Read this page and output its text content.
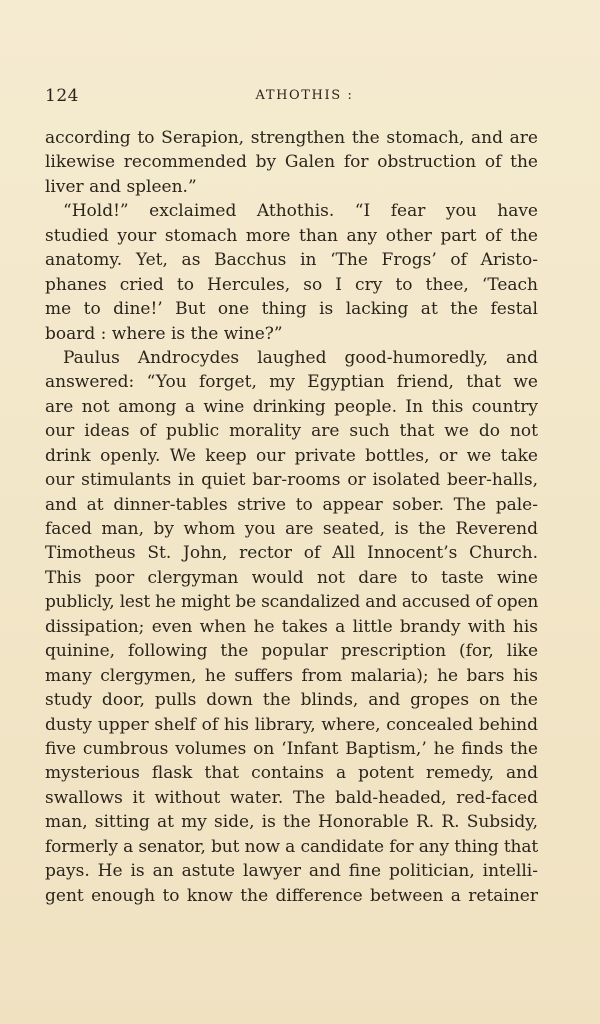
124	ATHOTHIS :
according to Serapion, strengthen the stomach, and are
likewise recommended by Galen for obstruction of the
liver and spleen.”
“Hold!” exclaimed Athothis. “I fear you have
studied your stomach more than any other part of the
anatomy. Yet, as Bacchus in ‘The Frogs’ of Aristo-
phanes cried to Hercules, so I cry to thee, ‘Teach
me to dine!’ But one thing is lacking at the festal
board : where is the wine?”
Paulus Androcydes laughed good-humoredly, and
answered: “You forget, my Egyptian friend, that we
are not among a wine drinking people. In this country
our ideas of public morality are such that we do not
drink openly. We keep our private bottles, or we take
our stimulants in quiet bar-rooms or isolated beer-halls,
and at dinner-tables strive to appear sober. The pale-
faced man, by whom you are seated, is the Reverend
Timotheus St. John, rector of All Innocent’s Church.
This poor clergyman would not dare to taste wine
publicly, lest he might be scandalized and accused of open
dissipation; even when he takes a little brandy with his
quinine, following the popular prescription (for, like
many clergymen, he suffers from malaria); he bars his
study door, pulls down the blinds, and gropes on the
dusty upper shelf of his library, where, concealed behind
five cumbrous volumes on ‘Infant Baptism,’ he finds the
mysterious flask that contains a potent remedy, and
swallows it without water. The bald-headed, red-faced
man, sitting at my side, is the Honorable R. R. Subsidy,
formerly a senator, but now a candidate for any thing that
pays. He is an astute lawyer and fine politician, intelli-
gent enough to know the difference between a retainer
